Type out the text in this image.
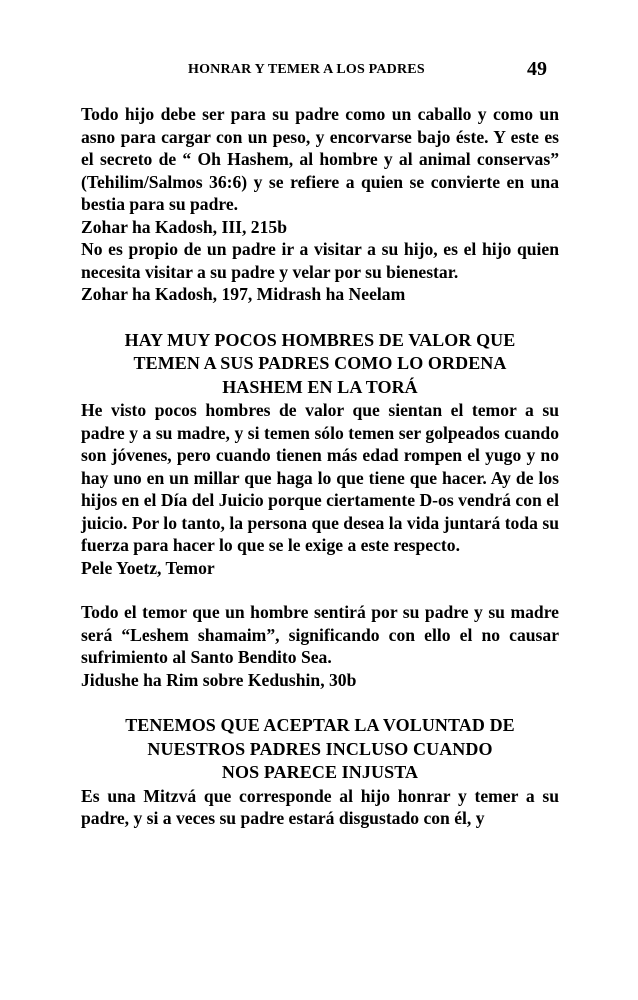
HONRAR Y TEMER A LOS PADRES	49

Todo hijo debe ser para su padre como un caballo y como un asno para cargar con un peso, y encorvarse bajo éste. Y este es el secreto de “ Oh Hashem, al hombre y al animal conservas” (Tehilim/Salmos 36:6) y se refiere a quien se convierte en una bestia para su padre.

Zohar ha Kadosh, III, 215b

No es propio de un padre ir a visitar a su hijo, es el hijo quien necesita visitar a su padre y velar por su bienestar.

Zohar ha Kadosh, 197, Midrash ha Neelam

HAY MUY POCOS HOMBRES DE VALOR QUE
TEMEN A SUS PADRES COMO LO ORDENA
HASHEM EN LA TORÁ

He visto pocos hombres de valor que sientan el temor a su padre y a su madre, y si temen sólo temen ser golpeados cuando son jóvenes, pero cuando tienen más edad rompen el yugo y no hay uno en un millar que haga lo que tiene que hacer. Ay de los hijos en el Día del Juicio porque ciertamente D-os vendrá con el juicio. Por lo tanto, la persona que desea la vida juntará toda su fuerza para hacer lo que se le exige a este respecto.

Pele Yoetz, Temor

Todo el temor que un hombre sentirá por su padre y su madre será “Leshem shamaim”, significando con ello el no causar sufrimiento al Santo Bendito Sea.

Jidushe ha Rim sobre Kedushin, 30b

TENEMOS QUE ACEPTAR LA VOLUNTAD DE
NUESTROS PADRES INCLUSO CUANDO
NOS PARECE INJUSTA

Es una Mitzvá que corresponde al hijo honrar y temer a su padre, y si a veces su padre estará disgustado con él, y
